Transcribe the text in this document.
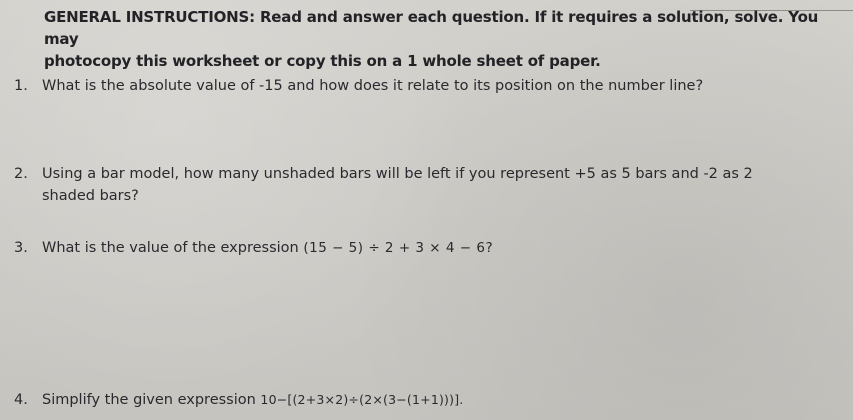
GENERAL INSTRUCTIONS: Read and answer each question. If it requires a solution, solve. You may
photocopy this worksheet or copy this on a 1 whole sheet of paper.
1. What is the absolute value of -15 and how does it relate to its position on the number line?
2. Using a bar model, how many unshaded bars will be left if you represent +5 as 5 bars and -2 as 2
shaded bars?
3. What is the value of the expression (15 − 5) ÷ 2 + 3 × 4 − 6?
4. Simplify the given expression 10−[(2+3×2)÷(2×(3−(1+1)))].
